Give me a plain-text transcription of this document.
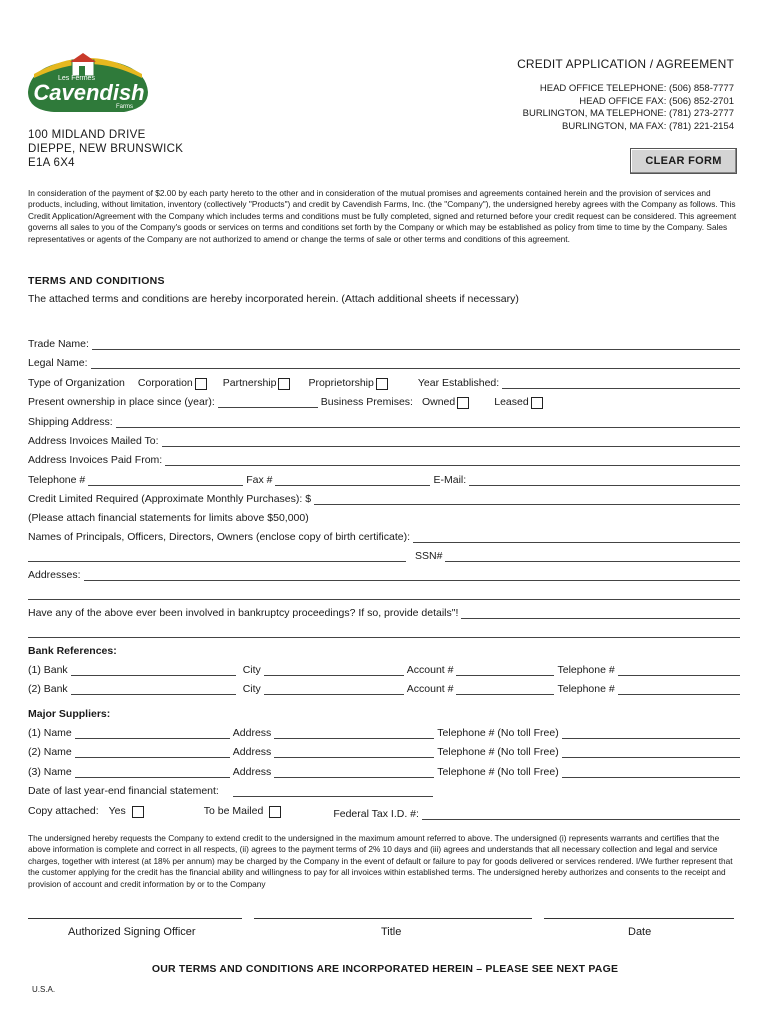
Les Fermes
Cavendish
Farms
CREDIT APPLICATION / AGREEMENT
HEAD OFFICE TELEPHONE: (506) 858-7777
HEAD OFFICE FAX: (506) 852-2701
BURLINGTON, MA TELEPHONE: (781) 273-2777
BURLINGTON, MA FAX: (781) 221-2154
100 MIDLAND DRIVE
DIEPPE, NEW BRUNSWICK
E1A 6X4	CLEAR FORM
In consideration of the payment of $2.00 by each party hereto to the other and in consideration of the mutual promises and agreements contained herein and the provision of services and products, including, without limitation, inventory (collectively "Products") and credit by Cavendish Farms, Inc. (the "Company"), the undersigned hereby agrees with the Company as follows. This Credit Application/Agreement with the Company which includes terms and conditions must be fully completed, signed and returned before your credit request can be considered. This agreement governs all sales to you of the Company's goods or services on terms and conditions set forth by the Company or which may be established as policy from time to time by the Company. Sales representatives or agents of the Company are not authorized to amend or change the terms of sale or other terms and conditions of this agreement.
TERMS AND CONDITIONS
The attached terms and conditions are hereby incorporated herein. (Attach additional sheets if necessary)
Trade Name:
Legal Name:
Type of Organization Corporation	Partnership	Proprietorship	Year Established:
Present ownership in place since (year):	Business Premises: Owned	Leased
Shipping Address:
Address Invoices Mailed To:
Address Invoices Paid From:
Telephone #	Fax #	E-Mail:
Credit Limited Required (Approximate Monthly Purchases): $
(Please attach financial statements for limits above $50,000)
Names of Principals, Officers, Directors, Owners (enclose copy of birth certificate):
SSN#
Addresses:
Have any of the above ever been involved in bankruptcy proceedings? If so, provide details"!
Bank References:
(1) Bank	City	Account #	Telephone #
(2) Bank	City	Account #	Telephone #
Major Suppliers:
(1) Name	Address	Telephone # (No toll Free)
(2) Name	Address	Telephone # (No toll Free)
(3) Name	Address	Telephone # (No toll Free)
Date of last year-end financial statement:
Copy attached: Yes	To be Mailed	Federal Tax I.D. #:
The undersigned hereby requests the Company to extend credit to the undersigned in the maximum amount referred to above. The undersigned (i) represents warrants and certifies that the above information is complete and correct in all respects, (ii) agrees to the payment terms of 2% 10 days and (iii) agrees and understands that all necessary collection and legal and service charges, together with interest (at 18% per annum) may be charged by the Company in the event of default or failure to pay for goods delivered or services rendered. I/We further represent that the customer applying for the credit has the financial ability and willingness to pay for all invoices within established terms. The undersigned hereby authorizes and consents to the receipt and provision of account and credit information by or to the Company
Authorized Signing Officer	Title	Date
OUR TERMS AND CONDITIONS ARE INCORPORATED HEREIN – PLEASE SEE NEXT PAGE
U.S.A.
